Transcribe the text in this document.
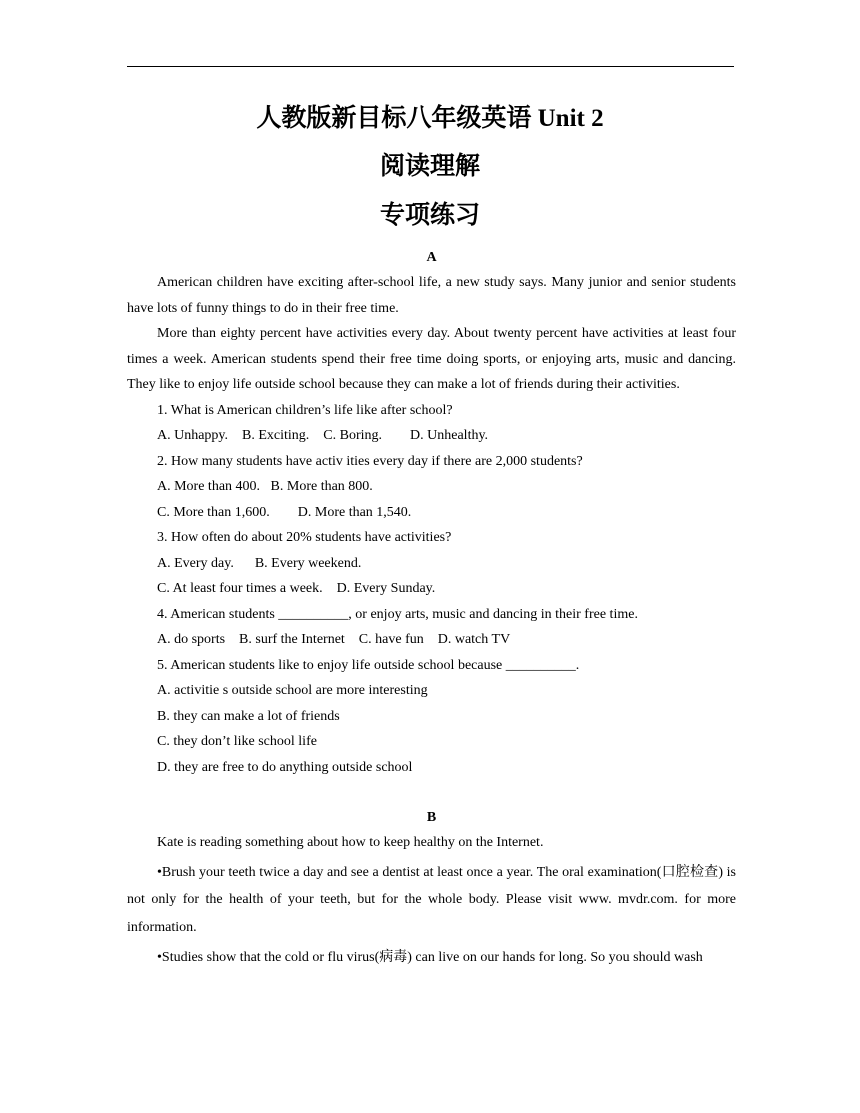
人教版新目标八年级英语 Unit 2
阅读理解
专项练习
A
American children have exciting after-school life, a new study says. Many junior and senior students have lots of funny things to do in their free time.
More than eighty percent have activities every day. About twenty percent have activities at least four times a week. American students spend their free time doing sports, or enjoying arts, music and dancing. They like to enjoy life outside school because they can make a lot of friends during their activities.
1. What is American children’s life like after school?
A. Unhappy.    B. Exciting.    C. Boring.        D. Unhealthy.
2. How many students have activ ities every day if there are 2,000 students?
A. More than 400.   B. More than 800.
C. More than 1,600.        D. More than 1,540.
3. How often do about 20% students have activities?
A. Every day.      B. Every weekend.
C. At least four times a week.    D. Every Sunday.
4. American students __________, or enjoy arts, music and dancing in their free time.
A. do sports    B. surf the Internet    C. have fun    D. watch TV
5. American students like to enjoy life outside school because __________.
A. activitie s outside school are more interesting
B. they can make a lot of friends
C. they don’t like school life
D. they are free to do anything outside school
B
Kate is reading something about how to keep healthy on the Internet.
•Brush your teeth twice a day and see a dentist at least once a year. The oral examination(口腔检查) is not only for the health of your teeth, but for the whole body. Please visit www. mvdr.com. for more information.
•Studies show that the cold or flu virus(病毒) can live on our hands for long. So you should wash
